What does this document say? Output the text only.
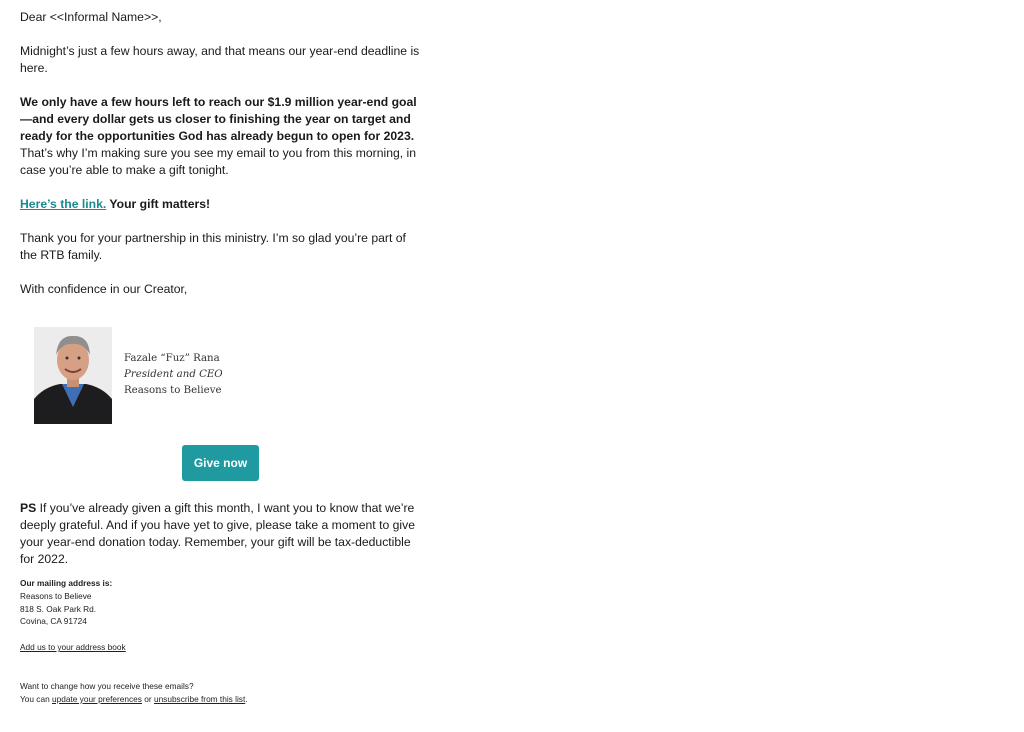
Dear <<Informal Name>>,

Midnight’s just a few hours away, and that means our year-end deadline is here.

We only have a few hours left to reach our $1.9 million year-end goal—and every dollar gets us closer to finishing the year on target and ready for the opportunities God has already begun to open for 2023. That’s why I’m making sure you see my email to you from this morning, in case you’re able to make a gift tonight.

Here’s the link. Your gift matters!

Thank you for your partnership in this ministry. I’m so glad you’re part of the RTB family.

With confidence in our Creator,

Fazale “Fuz” Rana
President and CEO
Reasons to Believe
Give now
PS If you’ve already given a gift this month, I want you to know that we’re deeply grateful. And if you have yet to give, please take a moment to give your year-end donation today. Remember, your gift will be tax-deductible for 2022.
Our mailing address is:
Reasons to Believe
818 S. Oak Park Rd.
Covina, CA 91724
Add us to your address book
Want to change how you receive these emails?
You can update your preferences or unsubscribe from this list.
